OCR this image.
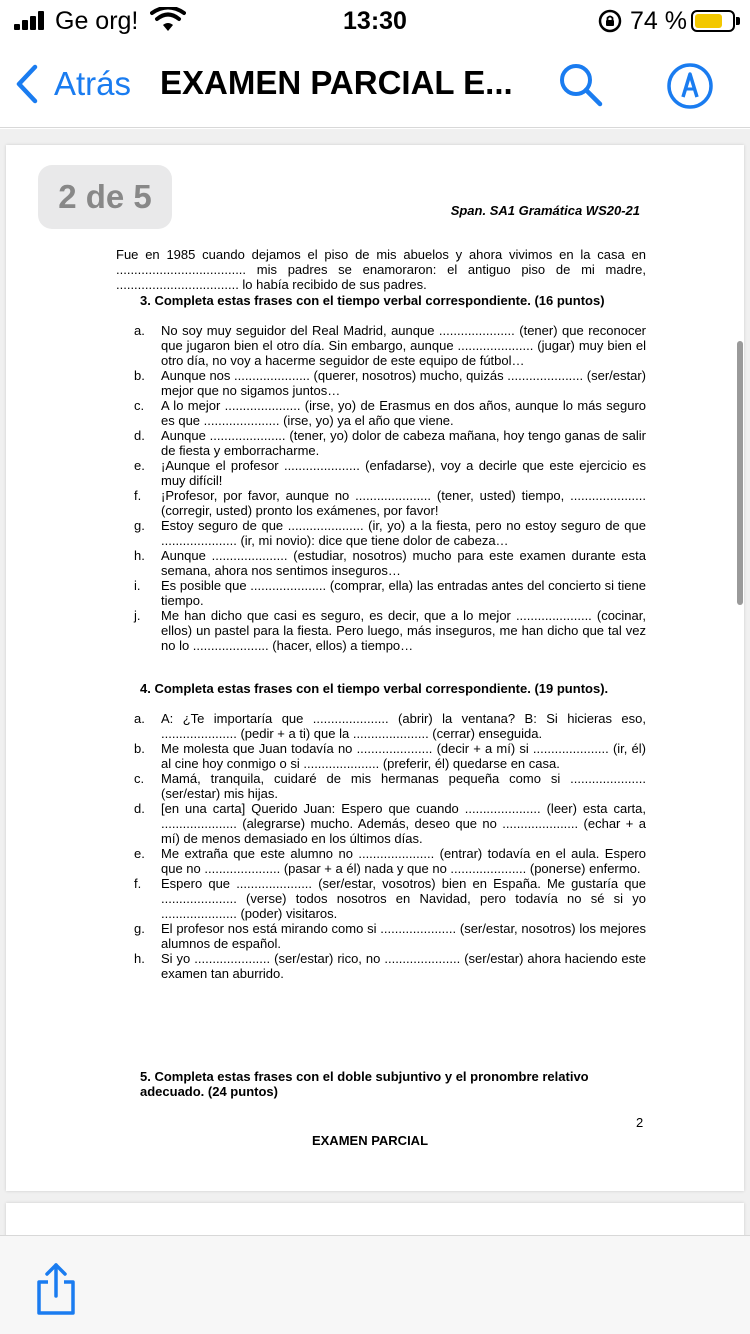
Ge org!	13:30	74 %
Atrás EXAMEN PARCIAL E...
Span. SA1 Gramática WS20-21
Fue en 1985 cuando dejamos el piso de mis abuelos y ahora vivimos en la casa en .................................... mis padres se enamoraron: el antiguo piso de mi madre, .................................. lo había recibido de sus padres.
3. Completa estas frases con el tiempo verbal correspondiente. (16 puntos)
a.	No soy muy seguidor del Real Madrid, aunque ..................... (tener) que reconocer que jugaron bien el otro día. Sin embargo, aunque ..................... (jugar) muy bien el otro día, no voy a hacerme seguidor de este equipo de fútbol…
b.	Aunque nos ..................... (querer, nosotros) mucho, quizás ..................... (ser/estar) mejor que no sigamos juntos…
c.	A lo mejor ..................... (irse, yo) de Erasmus en dos años, aunque lo más seguro es que ..................... (irse, yo) ya el año que viene.
d.	Aunque ..................... (tener, yo) dolor de cabeza mañana, hoy tengo ganas de salir de fiesta y emborracharme.
e.	¡Aunque el profesor ..................... (enfadarse), voy a decirle que este ejercicio es muy difícil!
f.	¡Profesor, por favor, aunque no ..................... (tener, usted) tiempo, ..................... (corregir, usted) pronto los exámenes, por favor!
g.	Estoy seguro de que ..................... (ir, yo) a la fiesta, pero no estoy seguro de que ..................... (ir, mi novio): dice que tiene dolor de cabeza…
h.	Aunque ..................... (estudiar, nosotros) mucho para este examen durante esta semana, ahora nos sentimos inseguros…
i.	Es posible que ..................... (comprar, ella) las entradas antes del concierto si tiene tiempo.
j.	Me han dicho que casi es seguro, es decir, que a lo mejor ..................... (cocinar, ellos) un pastel para la fiesta. Pero luego, más inseguros, me han dicho que tal vez no lo ..................... (hacer, ellos) a tiempo…
4. Completa estas frases con el tiempo verbal correspondiente. (19 puntos).
a.	A: ¿Te importaría que ..................... (abrir) la ventana? B: Si hicieras eso, ..................... (pedir + a ti) que la ..................... (cerrar) enseguida.
b.	Me molesta que Juan todavía no ..................... (decir + a mí) si ..................... (ir, él) al cine hoy conmigo o si ..................... (preferir, él) quedarse en casa.
c.	Mamá, tranquila, cuidaré de mis hermanas pequeña como si ..................... (ser/estar) mis hijas.
d.	[en una carta] Querido Juan: Espero que cuando ..................... (leer) esta carta, ..................... (alegrarse) mucho. Además, deseo que no ..................... (echar + a mí) de menos demasiado en los últimos días.
e.	Me extraña que este alumno no ..................... (entrar) todavía en el aula. Espero que no ..................... (pasar + a él) nada y que no ..................... (ponerse) enfermo.
f.	Espero que ..................... (ser/estar, vosotros) bien en España. Me gustaría que ..................... (verse) todos nosotros en Navidad, pero todavía no sé si yo ..................... (poder) visitaros.
g.	El profesor nos está mirando como si ..................... (ser/estar, nosotros) los mejores alumnos de español.
h.	Si yo ..................... (ser/estar) rico, no ..................... (ser/estar) ahora haciendo este examen tan aburrido.
5. Completa estas frases con el doble subjuntivo y el pronombre relativo adecuado. (24 puntos)
2
EXAMEN PARCIAL
2 de 5
